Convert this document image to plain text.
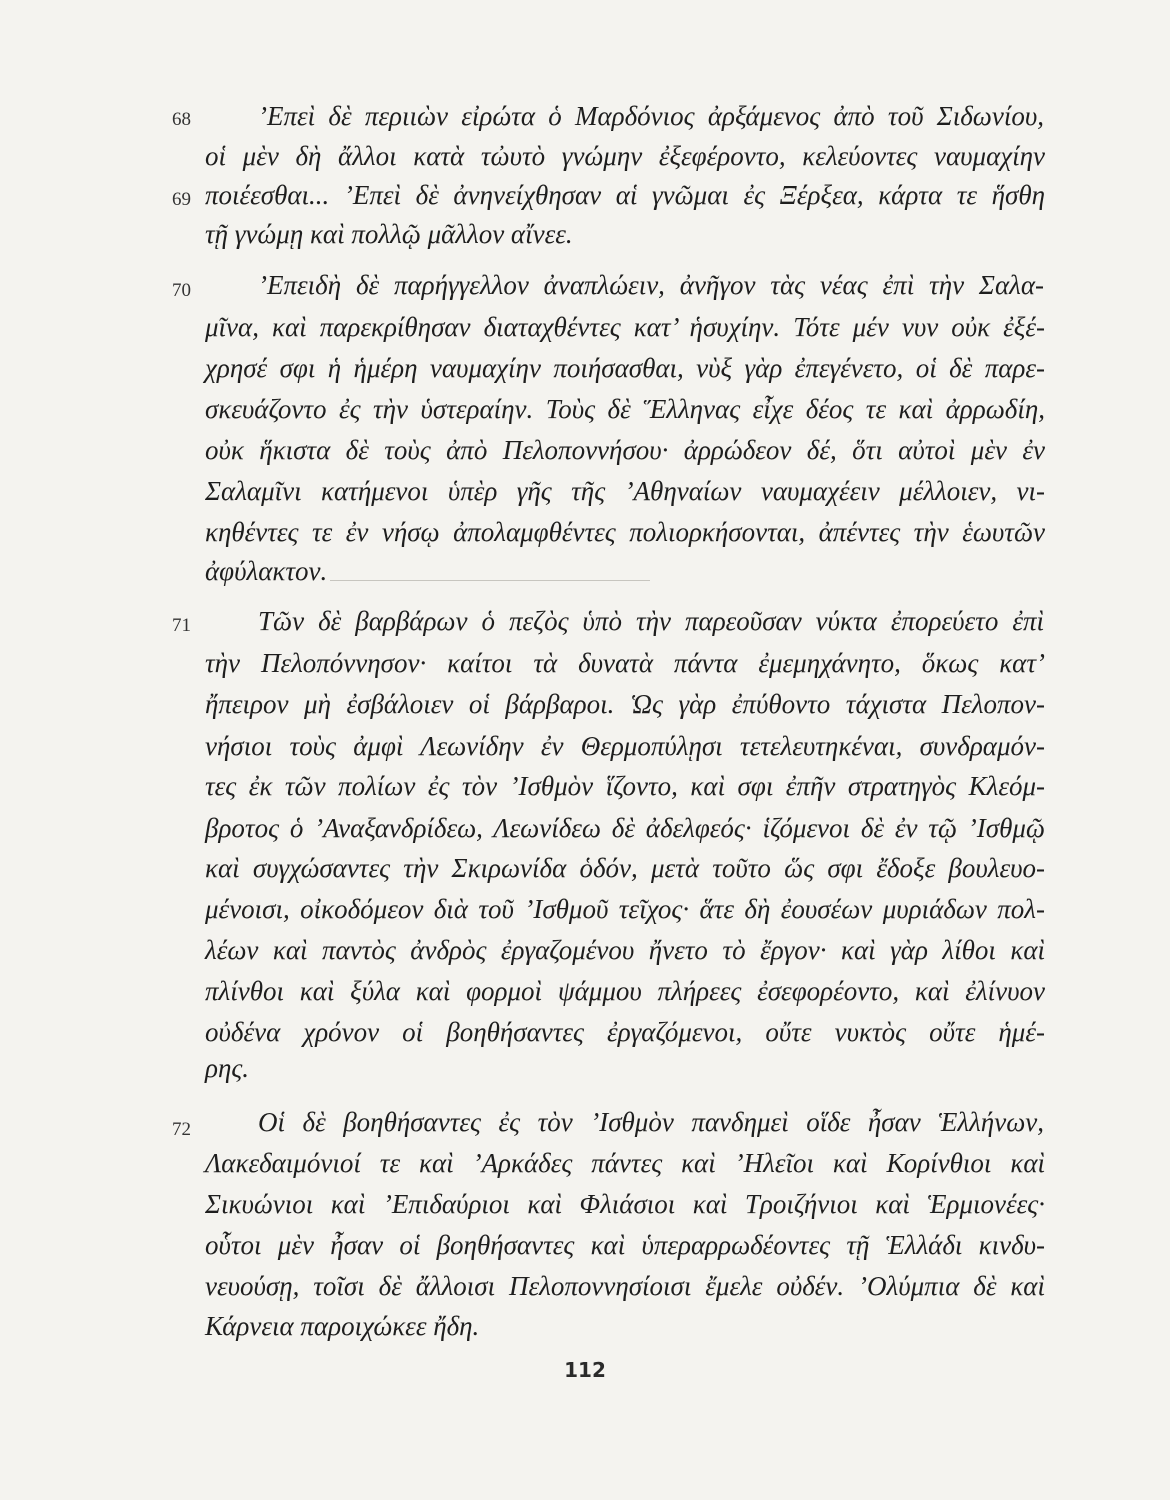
68 ’Επεὶ δὲ περιιὼν εἰρώτα ὁ Μαρδόνιος ἀρξάμενος ἀπὸ τοῦ Σιδωνίου,
οἱ μὲν δὴ ἄλλοι κατὰ τὠυτὸ γνώμην ἐξεφέροντο, κελεύοντες ναυμαχίην
69 ποιέεσθαι... ’Επεὶ δὲ ἀνηνείχθησαν αἱ γνῶμαι ἐς Ξέρξεα, κάρτα τε ἥσθη
τῇ γνώμῃ καὶ πολλῷ μᾶλλον αἴνεε.
70 ’Επειδὴ δὲ παρήγγελλον ἀναπλώειν, ἀνῆγον τὰς νέας ἐπὶ τὴν Σαλα-
μῖνα, καὶ παρεκρίθησαν διαταχθέντες κατ’ ἡσυχίην. Τότε μέν νυν οὐκ ἐξέ-
χρησέ σφι ἡ ἡμέρη ναυμαχίην ποιήσασθαι, νὺξ γὰρ ἐπεγένετο, οἱ δὲ παρε-
σκευάζοντο ἐς τὴν ὑστεραίην. Τοὺς δὲ Ἕλληνας εἶχε δέος τε καὶ ἀρρωδίη,
οὐκ ἥκιστα δὲ τοὺς ἀπὸ Πελοποννήσου· ἀρρώδεον δέ, ὅτι αὐτοὶ μὲν ἐν
Σαλαμῖνι κατήμενοι ὑπὲρ γῆς τῆς ’Αθηναίων ναυμαχέειν μέλλοιεν, νι-
κηθέντες τε ἐν νήσῳ ἀπολαμφθέντες πολιορκήσονται, ἀπέντες τὴν ἑωυτῶν
ἀφύλακτον.
71 Τῶν δὲ βαρβάρων ὁ πεζὸς ὑπὸ τὴν παρεοῦσαν νύκτα ἐπορεύετο ἐπὶ
τὴν Πελοπόννησον· καίτοι τὰ δυνατὰ πάντα ἐμεμηχάνητο, ὅκως κατ’
ἤπειρον μὴ ἐσβάλοιεν οἱ βάρβαροι. Ὡς γὰρ ἐπύθοντο τάχιστα Πελοπον-
νήσιοι τοὺς ἀμφὶ Λεωνίδην ἐν Θερμοπύλῃσι τετελευτηκέναι, συνδραμόν-
τες ἐκ τῶν πολίων ἐς τὸν ’Ισθμὸν ἵζοντο, καὶ σφι ἐπῆν στρατηγὸς Κλεόμ-
βροτος ὁ ’Αναξανδρίδεω, Λεωνίδεω δὲ ἀδελφεός· ἱζόμενοι δὲ ἐν τῷ ’Ισθμῷ
καὶ συγχώσαντες τὴν Σκιρωνίδα ὁδόν, μετὰ τοῦτο ὥς σφι ἔδοξε βουλευο-
μένοισι, οἰκοδόμεον διὰ τοῦ ’Ισθμοῦ τεῖχος· ἅτε δὴ ἐουσέων μυριάδων πολ-
λέων καὶ παντὸς ἀνδρὸς ἐργαζομένου ἤνετο τὸ ἔργον· καὶ γὰρ λίθοι καὶ
πλίνθοι καὶ ξύλα καὶ φορμοὶ ψάμμου πλήρεες ἐσεφορέοντο, καὶ ἐλίνυον
οὐδένα χρόνον οἱ βοηθήσαντες ἐργαζόμενοι, οὔτε νυκτὸς οὔτε ἡμέ-
ρης.
72 Οἱ δὲ βοηθήσαντες ἐς τὸν ’Ισθμὸν πανδημεὶ οἵδε ἦσαν Ἑλλήνων,
Λακεδαιμόνιοί τε καὶ ’Αρκάδες πάντες καὶ ’Ηλεῖοι καὶ Κορίνθιοι καὶ
Σικυώνιοι καὶ ’Επιδαύριοι καὶ Φλιάσιοι καὶ Τροιζήνιοι καὶ Ἑρμιονέες·
οὗτοι μὲν ἦσαν οἱ βοηθήσαντες καὶ ὑπεραρρωδέοντες τῇ Ἑλλάδι κινδυ-
νευούσῃ, τοῖσι δὲ ἄλλοισι Πελοποννησίοισι ἔμελε οὐδέν. ’Ολύμπια δὲ καὶ
Κάρνεια παροιχώκεε ἤδη.
112
